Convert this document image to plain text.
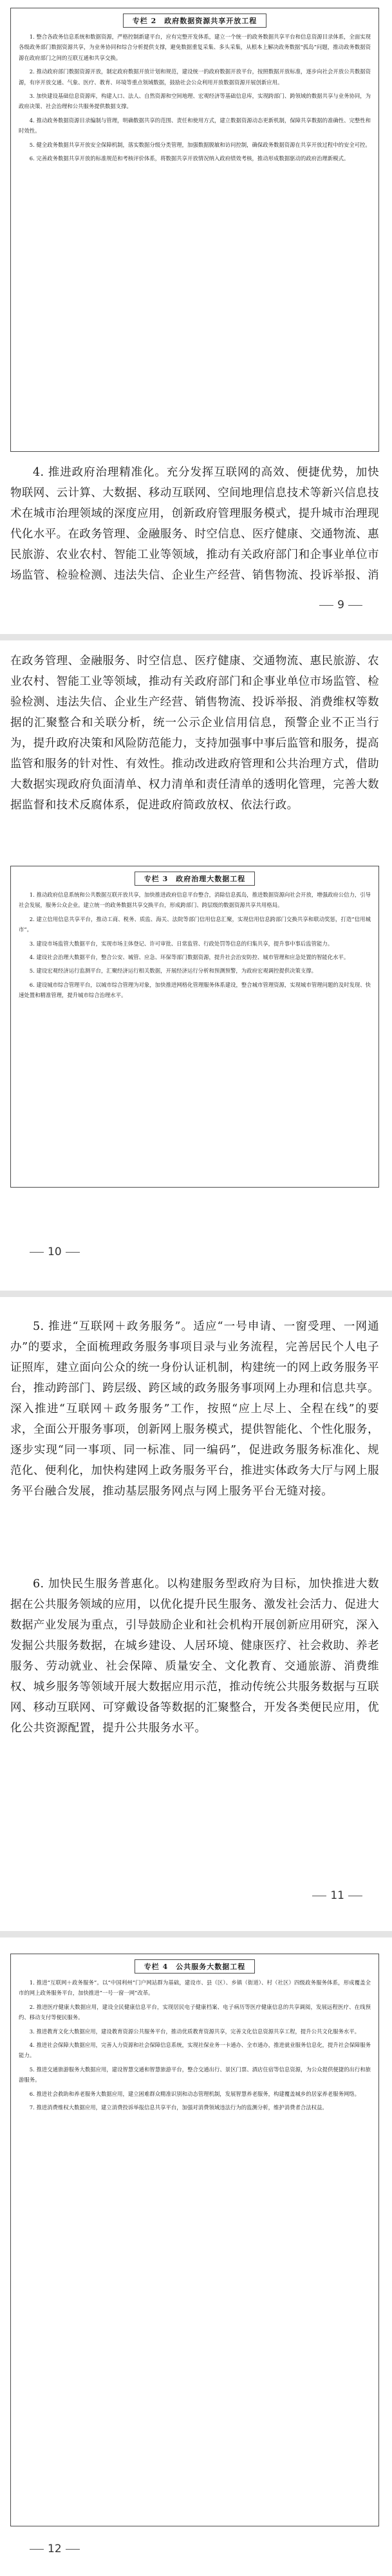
专栏 2　政府数据资源共享开放工程

1. 整合各政务信息系统和数据资源，严格控制新建平台，应有完整开发体系，建立一个统一的政务数据共享平台和信息资源目录体系，全面实现各级政务部门数据资源共享，为业务协同和综合分析提供支撑，避免数据重复采集、多头采集，从根本上解决政务数据“孤岛”问题，推动政务数据资源在政府部门之间的互联互通和共享交换。

2. 推动政府部门数据资源开放，制定政府数据开放计划和规范，建设统一的政府数据开放平台，按照数据开放标准，逐步向社会开放公共数据资源，有序开放交通、气象、医疗、教育、环境等重点领域数据，鼓励社会公众利用开放数据资源开展创新应用。

3. 加快建设基础信息资源库，构建人口、法人、自然资源和空间地理、宏观经济等基础信息库，实现跨部门、跨领域的数据共享与业务协同，为政府决策、社会治理和公共服务提供数据支撑。

4. 推动政务数据资源目录编制与管理，明确数据共享的范围、责任和使用方式，建立数据资源动态更新机制，保障共享数据的准确性、完整性和时效性。

5. 健全政务数据共享开放安全保障机制，落实数据分级分类管理，加强数据脱敏和访问控制，确保政务数据资源在共享开放过程中的安全可控。

6. 完善政务数据共享开放的标准规范和考核评价体系，将数据共享开放情况纳入政府绩效考核，推动形成数据驱动的政府治理新模式。

4. 推进政府治理精准化。充分发挥互联网的高效、便捷优势，加快物联网、云计算、大数据、移动互联网、空间地理信息技术等新兴信息技术在城市治理领域的深度应用，创新政府管理服务模式，提升城市治理现代化水平。在政务管理、金融服务、时空信息、医疗健康、交通物流、惠民旅游、农业农村、智能工业等领域，推动有关政府部门和企事业单位市场监管、检验检测、违法失信、企业生产经营、销售物流、投诉举报、消

9

在政务管理、金融服务、时空信息、医疗健康、交通物流、惠民旅游、农业农村、智能工业等领域，推动有关政府部门和企事业单位市场监管、检验检测、违法失信、企业生产经营、销售物流、投诉举报、消费维权等数据的汇聚整合和关联分析，统一公示企业信用信息，预警企业不正当行为，提升政府决策和风险防范能力，支持加强事中事后监管和服务，提高监管和服务的针对性、有效性。推动改进政府管理和公共治理方式，借助大数据实现政府负面清单、权力清单和责任清单的透明化管理，完善大数据监督和技术反腐体系，促进政府简政放权、依法行政。

专栏 3　政府治理大数据工程

1. 推动政府信息系统和公共数据互联开放共享，加快推进政府信息平台整合，消除信息孤岛，推进数据资源向社会开放，增强政府公信力，引导社会发展，服务公众企业。建立统一的政务数据共享交换平台，形成跨部门、跨层级的数据资源共享共用格局。

2. 建立信用信息共享平台，推动工商、税务、质监、海关、法院等部门信用信息汇聚，实现信用信息跨部门交换共享和联动奖惩，打造“信用城市”。

3. 建设市场监管大数据平台，实现市场主体登记、许可审批、日常监管、行政处罚等信息的归集共享，提升事中事后监管能力。

4. 建设社会治理大数据平台，整合公安、城管、应急、环保等部门数据资源，提升社会治安防控、城市管理和应急处置的智能化水平。

5. 建设宏观经济运行监测平台，汇聚经济运行相关数据，开展经济运行分析和预测预警，为政府宏观调控提供决策支撑。

6. 建设城市综合管理平台，以城市综合管理为对象，加快推进网格化管理服务体系建设，整合城市管理资源，实现城市管理问题的及时发现、快速处置和精准管理，提升城市综合治理水平。

10

5. 推进“互联网＋政务服务”。适应“一号申请、一窗受理、一网通办”的要求，全面梳理政务服务事项目录与业务流程，完善居民个人电子证照库，建立面向公众的统一身份认证机制，构建统一的网上政务服务平台，推动跨部门、跨层级、跨区域的政务服务事项网上办理和信息共享。深入推进“互联网＋政务服务”工作，按照“应上尽上、全程在线”的要求，全面公开服务事项，创新网上服务模式，提供智能化、个性化服务，逐步实现“同一事项、同一标准、同一编码”，促进政务服务标准化、规范化、便利化，加快构建网上政务服务平台，推进实体政务大厅与网上服务平台融合发展，推动基层服务网点与网上服务平台无缝对接。

6. 加快民生服务普惠化。以构建服务型政府为目标，加快推进大数据在公共服务领域的应用，以优化提升民生服务、激发社会活力、促进大数据产业发展为重点，引导鼓励企业和社会机构开展创新应用研究，深入发掘公共服务数据，在城乡建设、人居环境、健康医疗、社会救助、养老服务、劳动就业、社会保障、质量安全、文化教育、交通旅游、消费维权、城乡服务等领域开展大数据应用示范，推动传统公共服务数据与互联网、移动互联网、可穿戴设备等数据的汇聚整合，开发各类便民应用，优化公共资源配置，提升公共服务水平。

11
专栏 4　公共服务大数据工程

1. 推进“互联网＋政务服务”。以“中国利州”门户网站群为基础，建设市、县（区）、乡镇（街道）、村（社区）四级政务服务体系，形成覆盖全市的网上政务服务平台，加快推进“一号一窗一网”改革。

2. 推进医疗健康大数据应用，建设全民健康信息平台，实现居民电子健康档案、电子病历等医疗健康信息的共享调阅，发展远程医疗、在线预约、移动支付等便民服务。

3. 推进教育文化大数据应用，建设教育资源公共服务平台，推动优质教育资源共享，完善文化信息资源共享工程，提升公共文化服务水平。

4. 推进社会保障大数据应用，完善人力资源和社会保障信息系统，实现社保业务一卡通办、全市通办，推进就业服务信息化，提升社会保障服务能力。

5. 推进交通旅游服务大数据应用，建设智慧交通和智慧旅游平台，整合交通出行、景区门票、酒店住宿等信息资源，为公众提供便捷的出行和旅游服务。

6. 推进社会救助和养老服务大数据应用，建立困难群众精准识别和动态管理机制，发展智慧养老服务，构建覆盖城乡的居家养老服务网络。

7. 推进消费维权大数据应用，建立消费投诉举报信息共享平台，加强对消费领域违法行为的监测分析，维护消费者合法权益。

12
